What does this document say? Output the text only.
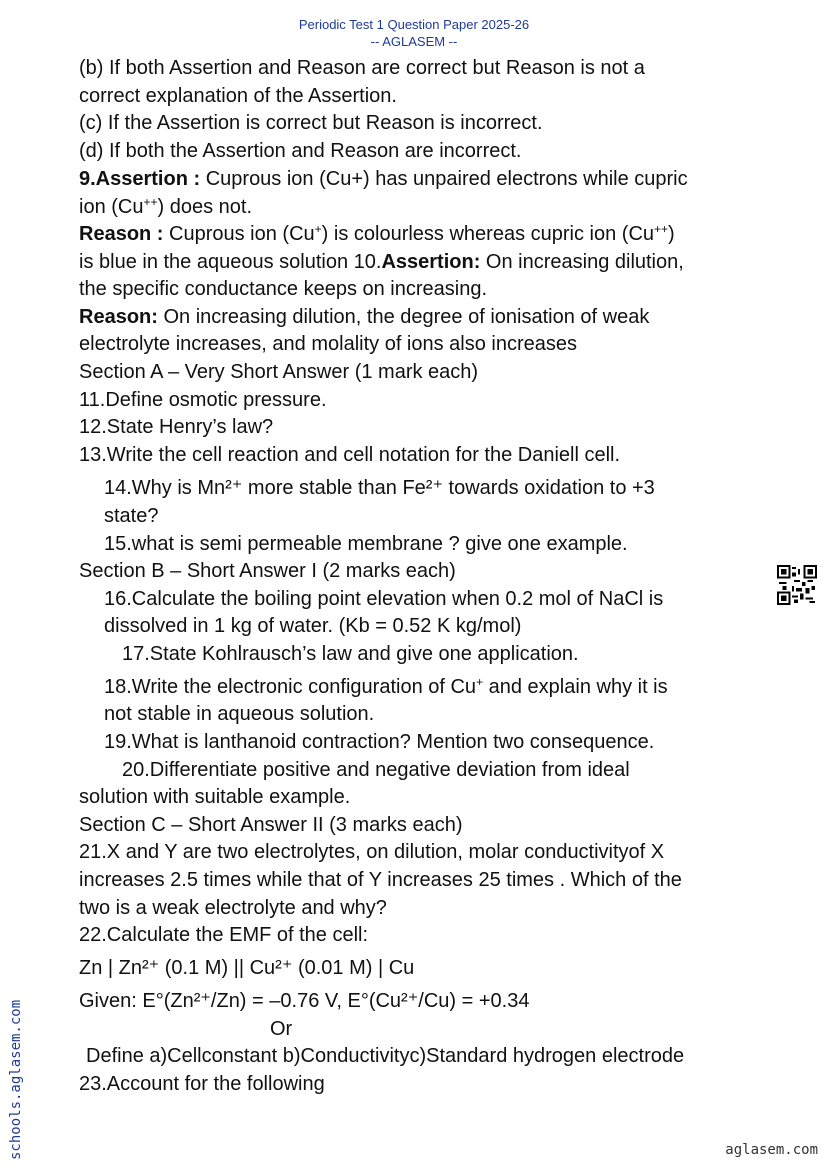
Periodic Test 1 Question Paper 2025-26
-- AGLASEM --
(b) If both Assertion and Reason are correct but Reason is not a
correct explanation of the Assertion.
(c) If the Assertion is correct but Reason is incorrect.
(d) If both the Assertion and Reason are incorrect.
9.Assertion : Cuprous ion (Cu+) has unpaired electrons while cupric
ion (Cu++) does not.
Reason : Cuprous ion (Cu+) is colourless whereas cupric ion (Cu++)
is blue in the aqueous solution 10.Assertion: On increasing dilution,
the specific conductance keeps on increasing.
Reason: On increasing dilution, the degree of ionisation of weak
electrolyte increases, and molality of ions also increases
Section A – Very Short Answer (1 mark each)
11.Define osmotic pressure.
12.State Henry’s law?
13.Write the cell reaction and cell notation for the Daniell cell.
14.Why is Mn²⁺ more stable than Fe²⁺ towards oxidation to +3
state?
15.what is semi permeable membrane ? give one example.
Section B – Short Answer I (2 marks each)
16.Calculate the boiling point elevation when 0.2 mol of NaCl is
dissolved in 1 kg of water. (Kb = 0.52 K kg/mol)
17.State Kohlrausch’s law and give one application.
18.Write the electronic configuration of Cu+ and explain why it is
not stable in aqueous solution.
19.What is lanthanoid contraction? Mention two consequence.
20.Differentiate positive and negative deviation from ideal
solution with suitable example.
Section C – Short Answer II (3 marks each)
21.X and Y are two electrolytes, on dilution, molar conductivityof X
increases 2.5 times while that of Y increases 25 times . Which of the
two is a weak electrolyte and why?
22.Calculate the EMF of the cell:
Zn | Zn²⁺ (0.1 M) || Cu²⁺ (0.01 M) | Cu
Given: E°(Zn²⁺/Zn) = –0.76 V, E°(Cu²⁺/Cu) = +0.34
Or
Define a)Cellconstant b)Conductivityc)Standard hydrogen electrode
23.Account for the following
schools.aglasem.com	aglasem.com
